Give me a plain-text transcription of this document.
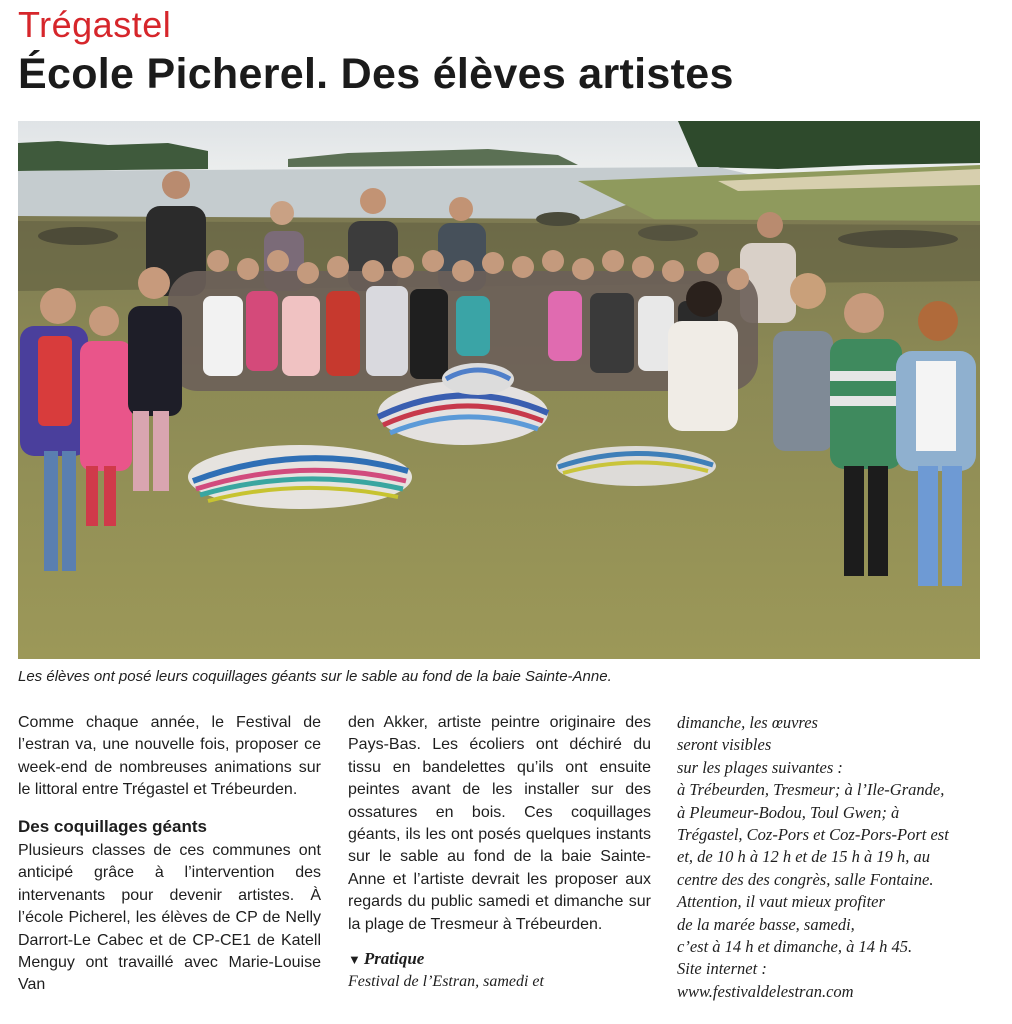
Trégastel
École Picherel. Des élèves artistes
Les élèves ont posé leurs coquillages géants sur le sable au fond de la baie Sainte-Anne.

Comme chaque année, le Festival de l’estran va, une nouvelle fois, proposer ce week-end de nombreuses animations sur le littoral entre Trégastel et Trébeurden.

Des coquillages géants

Plusieurs classes de ces communes ont anticipé grâce à l’intervention des intervenants pour devenir artistes. À l’école Picherel, les élèves de CP de Nelly Darrort-Le Cabec et de CP-CE1 de Katell Menguy ont travaillé avec Marie-Louise Van

den Akker, artiste peintre originaire des Pays-Bas. Les écoliers ont déchiré du tissu en bandelettes qu’ils ont ensuite peintes avant de les installer sur des ossatures en bois. Ces coquillages géants, ils les ont posés quelques instants sur le sable au fond de la baie Sainte-Anne et l’artiste devrait les proposer aux regards du public samedi et dimanche sur la plage de Tresmeur à Trébeurden.

▼ Pratique
Festival de l’Estran, samedi et
dimanche, les œuvres
seront visibles
sur les plages suivantes :
à Trébeurden, Tresmeur; à l’Ile-Grande,
à Pleumeur-Bodou, Toul Gwen; à
Trégastel, Coz-Pors et Coz-Pors-Port est
et, de 10 h à 12 h et de 15 h à 19 h, au
centre des des congrès, salle Fontaine.
Attention, il vaut mieux profiter
de la marée basse, samedi,
c’est à 14 h et dimanche, à 14 h 45.
Site internet :
www.festivaldelestran.com
